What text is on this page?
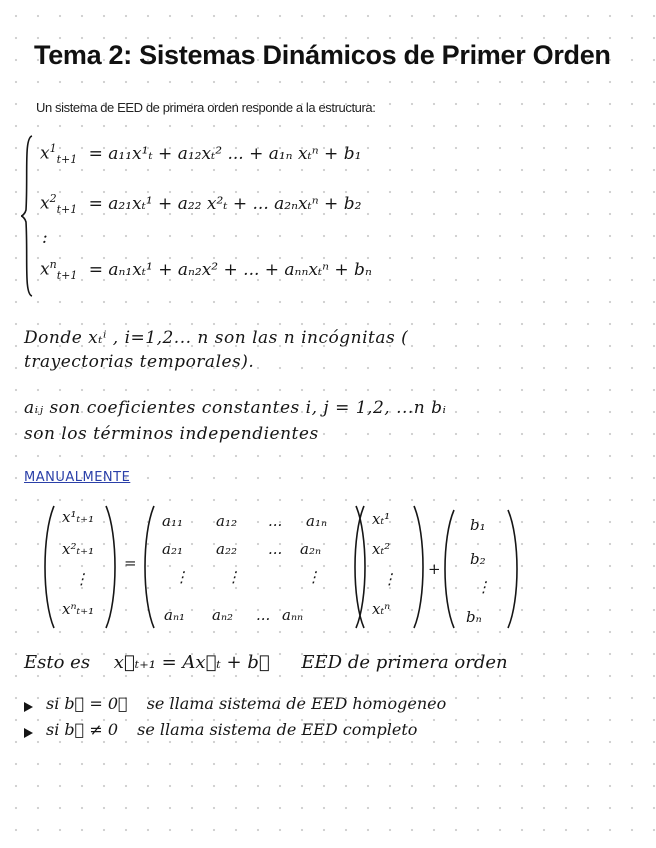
Tema 2: Sistemas Dinámicos de Primer Orden
Un sistema de EED de primera orden responde a la estructura:
$x^1_{t+1} = a_{11}x^1_t + a_{12}x_t^2$ ... + a₁ₙ xₜⁿ + b₁
$x^2_{t+1} = a_{21}x_t^1 + a_{22}$ x²ₜ + ... a₂ₙxₜⁿ + b₂
:
$x^n_{t+1} = a_{n1}x_t^1 + a_{n2}x^2$ + ... + aₙₙxₜⁿ + bₙ
Donde xₜⁱ , i=1,2... n son las n incógnitas (
trayectorias temporales).
aᵢⱼ son coeficientes constantes i, j = 1,2, ...n bᵢ
son los términos independientes
MANUALMENTE
x¹ₜ₊₁
x²ₜ₊₁
⋮
xⁿₜ₊₁
=
a₁₁ a₁₂ ... a₁ₙ
a₂₁ a₂₂ ... a₂ₙ
⋮ ⋮	⋮
aₙ₁ aₙ₂ ... aₙₙ
xₜ¹
xₜ²
⋮
xₜⁿ
+
b₁
b₂
⋮
bₙ
Esto es x⃗ₜ₊₁ = Ax⃗ₜ + b⃗ EED de primera orden
si b⃗ = 0⃗ se llama sistema de EED homogeneo
si b⃗ ≠ 0 se llama sistema de EED completo
